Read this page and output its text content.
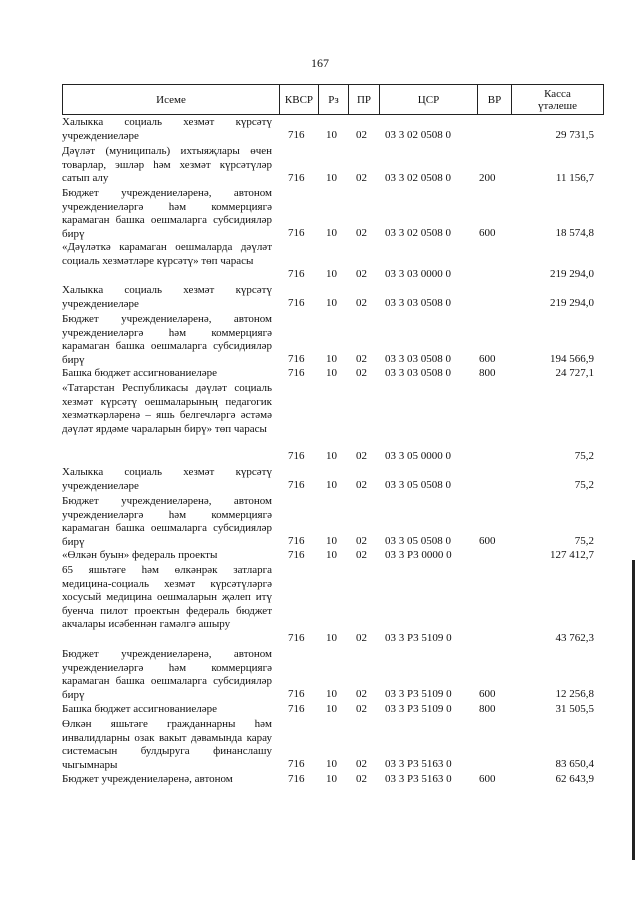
167
Исеме	КВСР	Рз	ПР	ЦСР	ВР	Касса
үтәлеше
Халыкка социаль хезмәт күрсәтү учреждениеләре	716 10 02 03 3 02 0508 0	29 731,5
Дәүләт (муниципаль) ихтыяҗлары өчен товарлар, эшләр һәм хезмәт күрсәтүләр сатып алу	716 10 02 03 3 02 0508 0	200	11 156,7
Бюджет учреждениеләренә, автоном учреждениеләргә һәм коммерциягә карамаган башка оешмаларга субсидияләр бирү	716 10 02 03 3 02 0508 0	600	18 574,8
«Дәүләткә карамаган оешмаларда дәүләт социаль хезмәтләре күрсәтү» төп чарасы
716 10 02 03 3 03 0000 0	219 294,0
Халыкка социаль хезмәт күрсәтү учреждениеләре	716 10 02 03 3 03 0508 0	219 294,0
Бюджет учреждениеләренә, автоном учреждениеләргә һәм коммерциягә карамаган башка оешмаларга субсидияләр бирү	716 10 02 03 3 03 0508 0	600	194 566,9
Башка бюджет ассигнованиеләре	716 10 02 03 3 03 0508 0	800	24 727,1
«Татарстан Республикасы дәүләт социаль хезмәт күрсәтү оешмаларының педагогик хезмәткәрләренә – яшь белгечләргә әстәмә дәүләт ярдәме чараларын бирү» төп чарасы
716 10 02 03 3 05 0000 0	75,2
Халыкка социаль хезмәт күрсәтү учреждениеләре	716 10 02 03 3 05 0508 0	75,2
Бюджет учреждениеләренә, автоном учреждениеләргә һәм коммерциягә карамаган башка оешмаларга субсидияләр бирү	716 10 02 03 3 05 0508 0	600	75,2
«Өлкән буын» федераль проекты	716 10 02 03 3 P3 0000 0	127 412,7
65 яшьтәге һәм өлкәнрәк затларга медицина-социаль хезмәт күрсәтүләргә хосусый медицина оешмаларын җәлеп итү буенча пилот проектын федераль бюджет акчалары исәбеннән гамәлгә ашыру
716 10 02 03 3 P3 5109 0	43 762,3
Бюджет учреждениеләренә, автоном учреждениеләргә һәм коммерциягә карамаган башка оешмаларга субсидияләр бирү	716 10 02 03 3 P3 5109 0 600	12 256,8
Башка бюджет ассигнованиеләре	716 10 02 03 3 P3 5109 0 800	31 505,5
Өлкән яшьтәге гражданнарны һәм инвалидларны озак вакыт дәвамында карау системасын булдыруга финанслашу чыгымнары	716 10 02 03 3 P3 5163 0	83 650,4
Бюджет учреждениеләренә, автоном	716 10 02 03 3 P3 5163 0 600	62 643,9
